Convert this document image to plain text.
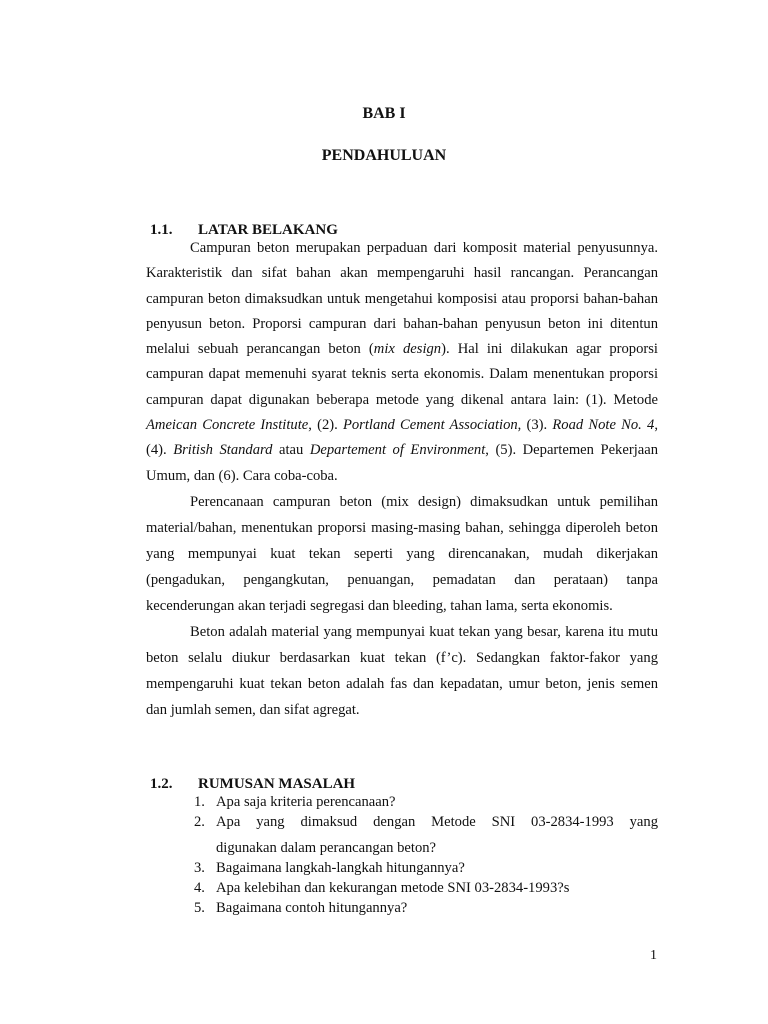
BAB I
PENDAHULUAN
1.1. LATAR BELAKANG

Campuran beton merupakan perpaduan dari komposit material penyusunnya. Karakteristik dan sifat bahan akan mempengaruhi hasil rancangan. Perancangan campuran beton dimaksudkan untuk mengetahui komposisi atau proporsi bahan-bahan penyusun beton. Proporsi campuran dari bahan-bahan penyusun beton ini ditentun melalui sebuah perancangan beton (mix design). Hal ini dilakukan agar proporsi campuran dapat memenuhi syarat teknis serta ekonomis. Dalam menentukan proporsi campuran dapat digunakan beberapa metode yang dikenal antara lain: (1). Metode Ameican Concrete Institute, (2). Portland Cement Association, (3). Road Note No. 4, (4). British Standard atau Departement of Environment, (5). Departemen Pekerjaan Umum, dan (6). Cara coba-coba.

Perencanaan campuran beton (mix design) dimaksudkan untuk pemilihan material/bahan, menentukan proporsi masing-masing bahan, sehingga diperoleh beton yang mempunyai kuat tekan seperti yang direncanakan, mudah dikerjakan (pengadukan, pengangkutan, penuangan, pemadatan dan perataan) tanpa kecenderungan akan terjadi segregasi dan bleeding, tahan lama, serta ekonomis.

Beton adalah material yang mempunyai kuat tekan yang besar, karena itu mutu beton selalu diukur berdasarkan kuat tekan (f’c). Sedangkan faktor-fakor yang mempengaruhi kuat tekan beton adalah fas dan kepadatan, umur beton, jenis semen dan jumlah semen, dan sifat agregat.

1.2. RUMUSAN MASALAH
1. Apa saja kriteria perencanaan?
2. Apa yang dimaksud dengan Metode SNI 03-2834-1993 yang
digunakan dalam perancangan beton?
3. Bagaimana langkah-langkah hitungannya?
4. Apa kelebihan dan kekurangan metode SNI 03-2834-1993?s
5. Bagaimana contoh hitungannya?
1
